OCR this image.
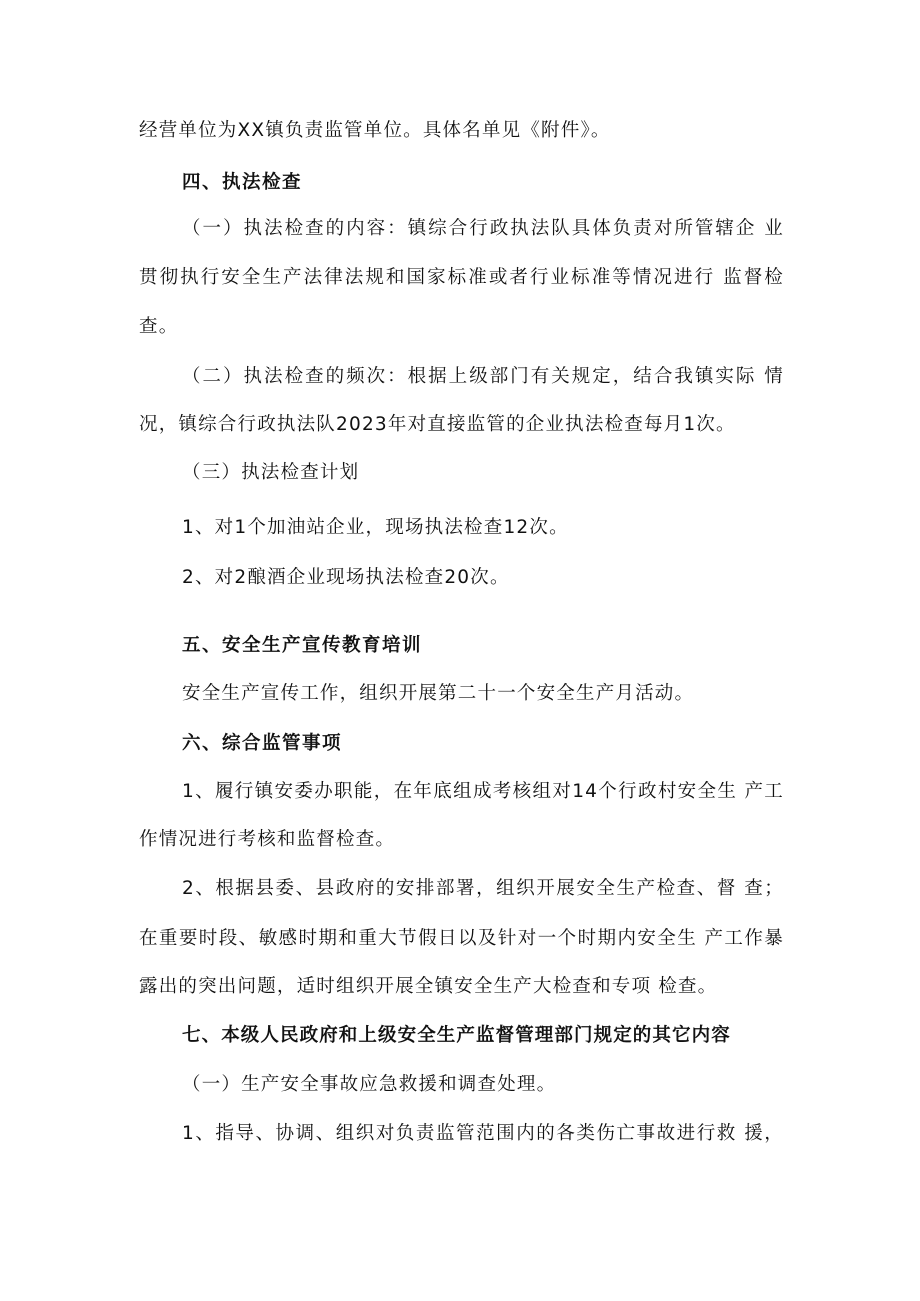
经营单位为XX镇负责监管单位。具体名单见《附件》。
四、执法检查
（一）执法检查的内容：镇综合行政执法队具体负责对所管辖企 业
贯彻执行安全生产法律法规和国家标准或者行业标准等情况进行 监督检
查。
（二）执法检查的频次：根据上级部门有关规定，结合我镇实际 情
况，镇综合行政执法队2023年对直接监管的企业执法检查每月1次。
（三）执法检查计划
1、对1个加油站企业，现场执法检查12次。
2、对2酿酒企业现场执法检查20次。
五、安全生产宣传教育培训
安全生产宣传工作，组织开展第二十一个安全生产月活动。
六、综合监管事项
1、履行镇安委办职能，在年底组成考核组对14个行政村安全生 产工
作情况进行考核和监督检查。
2、根据县委、县政府的安排部署，组织开展安全生产检查、督 查；
在重要时段、敏感时期和重大节假日以及针对一个时期内安全生 产工作暴
露出的突出问题，适时组织开展全镇安全生产大检查和专项 检查。
七、本级人民政府和上级安全生产监督管理部门规定的其它内容
（一）生产安全事故应急救援和调查处理。
1、指导、协调、组织对负责监管范围内的各类伤亡事故进行救 援，
